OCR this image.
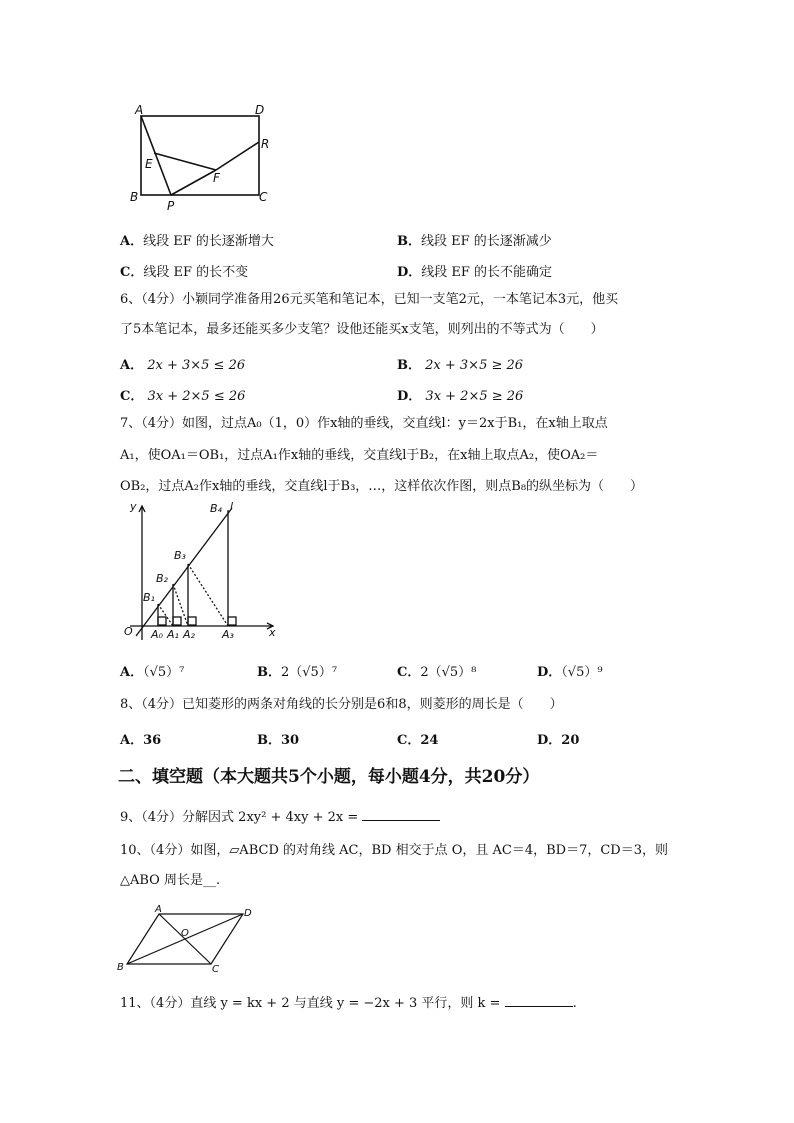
A	D
R
E
F
B
P
C
A．线段 EF 的长逐渐增大	B．线段 EF 的长逐渐减少
C．线段 EF 的长不变	D．线段 EF 的长不能确定
6、（4分）小颖同学准备用26元买笔和笔记本，已知一支笔2元，一本笔记本3元，他买
了5本笔记本，最多还能买多少支笔？设他还能买x支笔，则列出的不等式为（　　）
A． 2x + 3×5 ≤ 26	B． 2x + 3×5 ≥ 26
C． 3x + 2×5 ≤ 26	D． 3x + 2×5 ≥ 26
7、（4分）如图，过点A₀（1，0）作x轴的垂线，交直线l：y＝2x于B₁，在x轴上取点
A₁，使OA₁＝OB₁，过点A₁作x轴的垂线，交直线l于B₂，在x轴上取点A₂，使OA₂＝
OB₂，过点A₂作x轴的垂线，交直线l于B₃，…，这样依次作图，则点B₈的纵坐标为（　　）
y
x
O
l
B₄
B₃
B₂
B₁
A₀ A₁ A₂ A₃
A．（√5）⁷	B．2（√5）⁷	C．2（√5）⁸	D．（√5）⁹
8、（4分）已知菱形的两条对角线的长分别是6和8，则菱形的周长是（　　）
A．36	B．30	C．24	D．20
二、填空题（本大题共5个小题，每小题4分，共20分）
9、（4分）分解因式 2xy² + 4xy + 2x =
10、（4分）如图，▱ABCD 的对角线 AC，BD 相交于点 O，且 AC＝4，BD＝7，CD＝3，则
△ABO 周长是__.
A	D
O
B	C
11、（4分）直线 y = kx + 2 与直线 y = −2x + 3 平行，则 k =	.
